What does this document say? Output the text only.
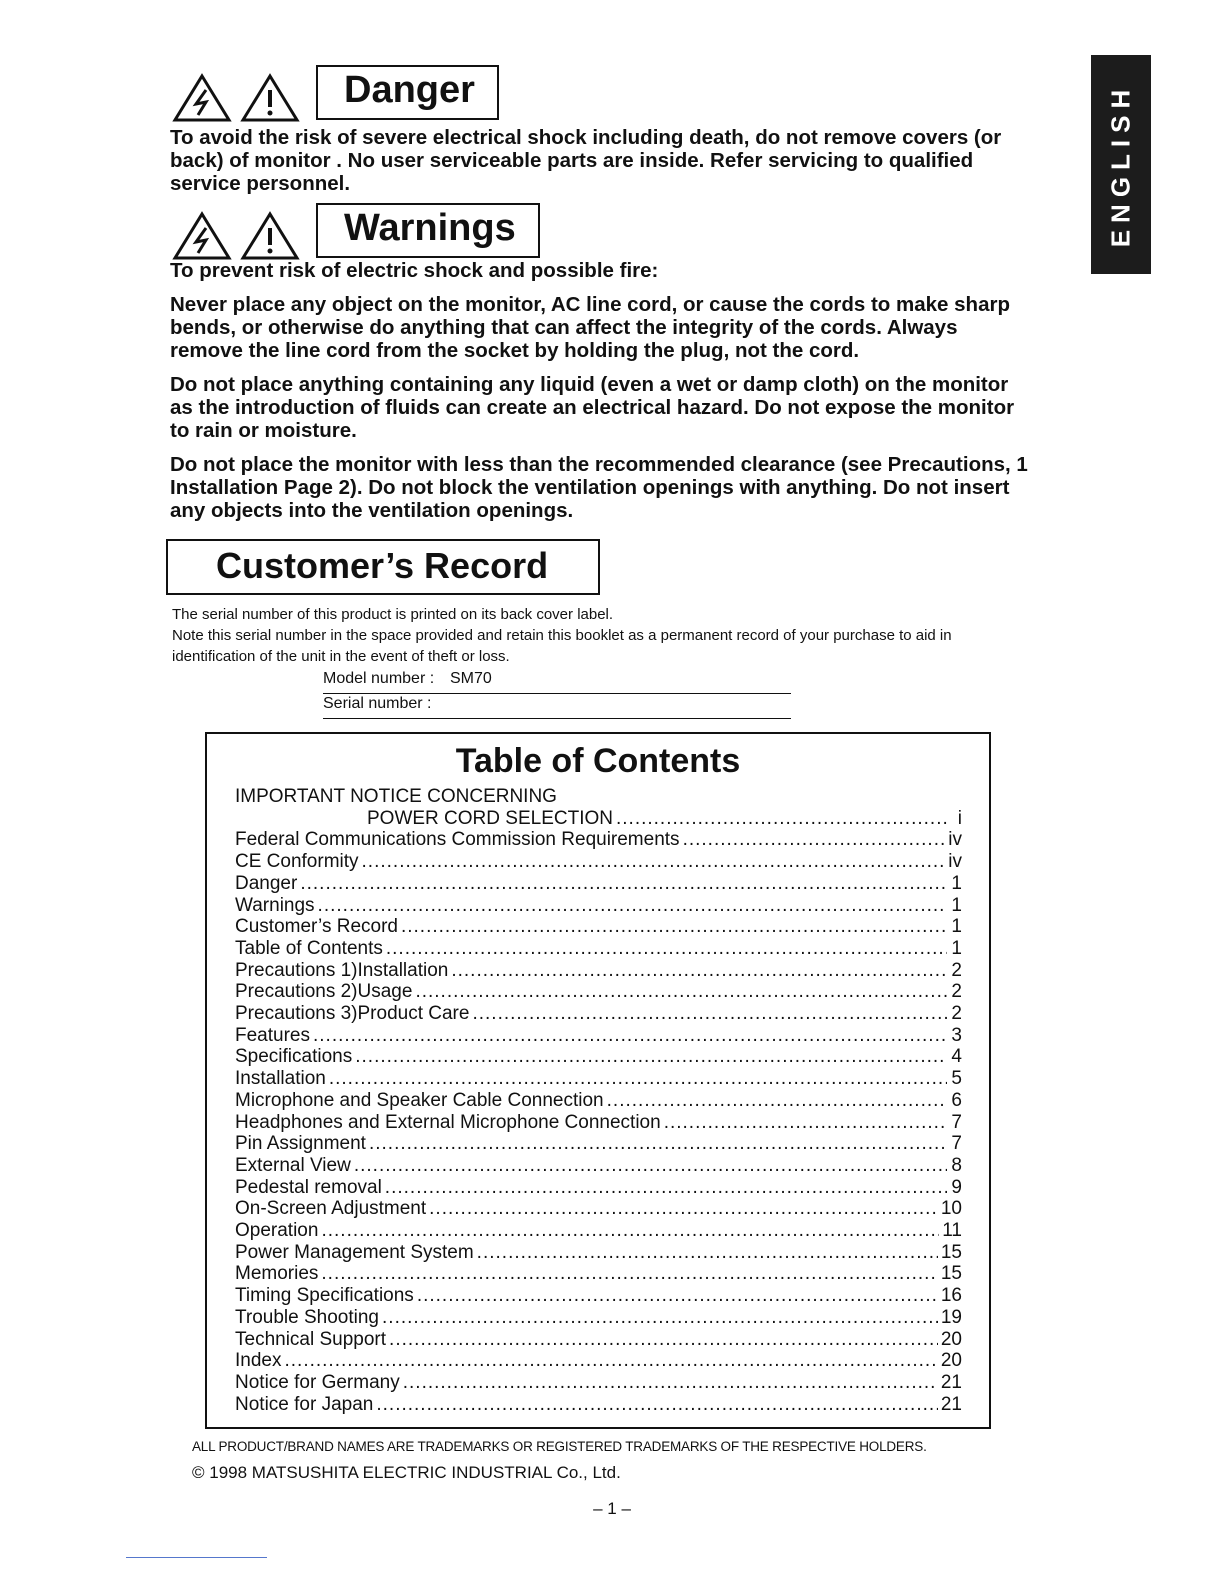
ENGLISH
Danger

To avoid the risk of severe electrical shock including death, do not remove covers (or back) of monitor . No user serviceable parts are inside. Refer servicing to qualified service personnel.

Warnings

To prevent risk of electric shock and possible fire:

Never place any object on the monitor, AC line cord, or cause the cords to make sharp bends, or otherwise do anything that can affect the integrity of the cords. Always remove the line cord from the socket by holding the plug, not the cord.

Do not place anything containing any liquid (even a wet or damp cloth) on the monitor as the introduction of fluids can create an electrical hazard. Do not expose the monitor to rain or moisture.

Do not place the monitor with less than the recommended clearance (see Precautions, 1 Installation Page 2). Do not block the ventilation openings with anything. Do not insert any objects into the ventilation openings.

Customer’s Record
The serial number of this product is printed on its back cover label.
Note this serial number in the space provided and retain this booklet as a permanent record of your purchase to aid in identification of the unit in the event of theft or loss.
Model number : SM70
Serial number :
Table of Contents
IMPORTANT NOTICE CONCERNING
POWER CORD SELECTION .....	i
Federal Communications Commission Requirements .....	iv
CE Conformity .....	iv
Danger .....	1
Warnings .....	1
Customer’s Record .....	1
Table of Contents .....	1
Precautions 1)Installation .....	2
Precautions 2)Usage .....	2
Precautions 3)Product Care .....	2
Features .....	3
Specifications .....	4
Installation .....	5
Microphone and Speaker Cable Connection .....	6
Headphones and External Microphone Connection .....	7
Pin Assignment .....	7
External View .....	8
Pedestal removal .....	9
On-Screen Adjustment .....	10
Operation .....	11
Power Management System .....	15
Memories .....	15
Timing Specifications .....	16
Trouble Shooting .....	19
Technical Support .....	20
Index .....	20
Notice for Germany .....	21
Notice for Japan .....	21
ALL PRODUCT/BRAND NAMES ARE TRADEMARKS OR REGISTERED TRADEMARKS OF THE RESPECTIVE HOLDERS.
© 1998 MATSUSHITA ELECTRIC INDUSTRIAL Co., Ltd.
– 1 –
